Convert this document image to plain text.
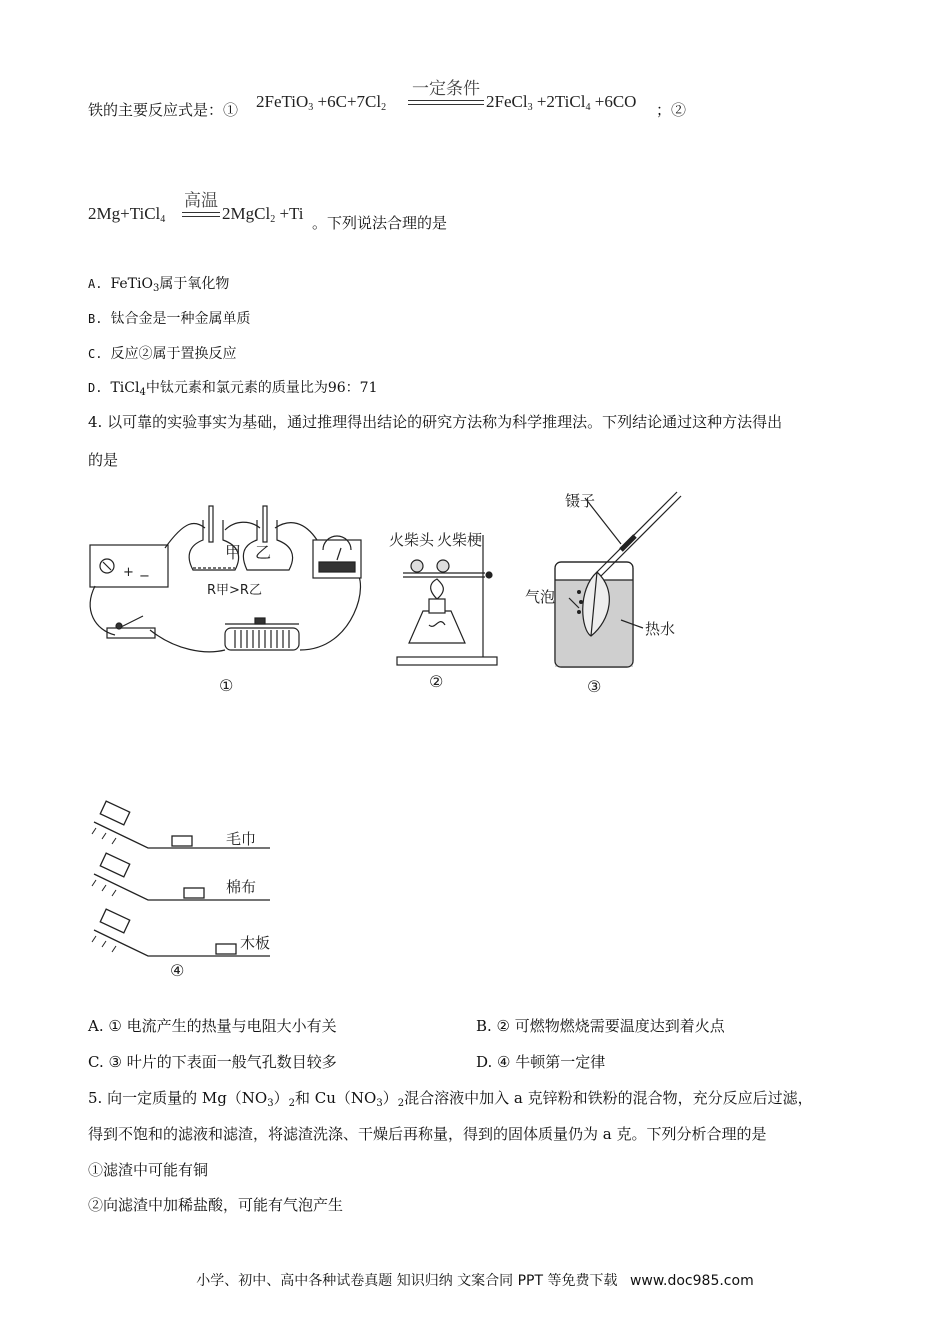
铁的主要反应式是：① 2FeTiO$_3$ $+6C+7Cl_2$
一定条件
2FeCl$_3$ +2TiCl$_4$ +6CO ；②
2Mg+TiCl$_4$
高温
2MgCl$_2$ +Ti 。下列说法合理的是
A. FeTiO$_3$属于氧化物
B. 钛合金是一种金属单质
C. 反应②属于置换反应
D. TiCl$_4$中钛元素和氯元素的质量比为96：71
4. 以可靠的实验事实为基础，通过推理得出结论的研究方法称为科学推理法。下列结论通过这种方法得出
的是
+ −
甲 乙
R甲>R乙
①
火柴头 火柴梗
②
镊子
气泡
热水
③
毛巾
棉布
木板
④
A. ① 电流产生的热量与电阻大小有关	B. ② 可燃物燃烧需要温度达到着火点
C. ③ 叶片的下表面一般气孔数目较多	D. ④ 牛顿第一定律
5. 向一定质量的 $Mg(NO_3)_2$和 $Cu(NO_3)_2$混合溶液中加入 a 克锌粉和铁粉的混合物，充分反应后过滤，
得到不饱和的滤液和滤渣，将滤渣洗涤、干燥后再称量，得到的固体质量仍为 a 克。下列分析合理的是
①滤渣中可能有铜
②向滤渣中加稀盐酸，可能有气泡产生
小学、初中、高中各种试卷真题 知识归纳 文案合同 PPT 等免费下载 www.doc985.com
